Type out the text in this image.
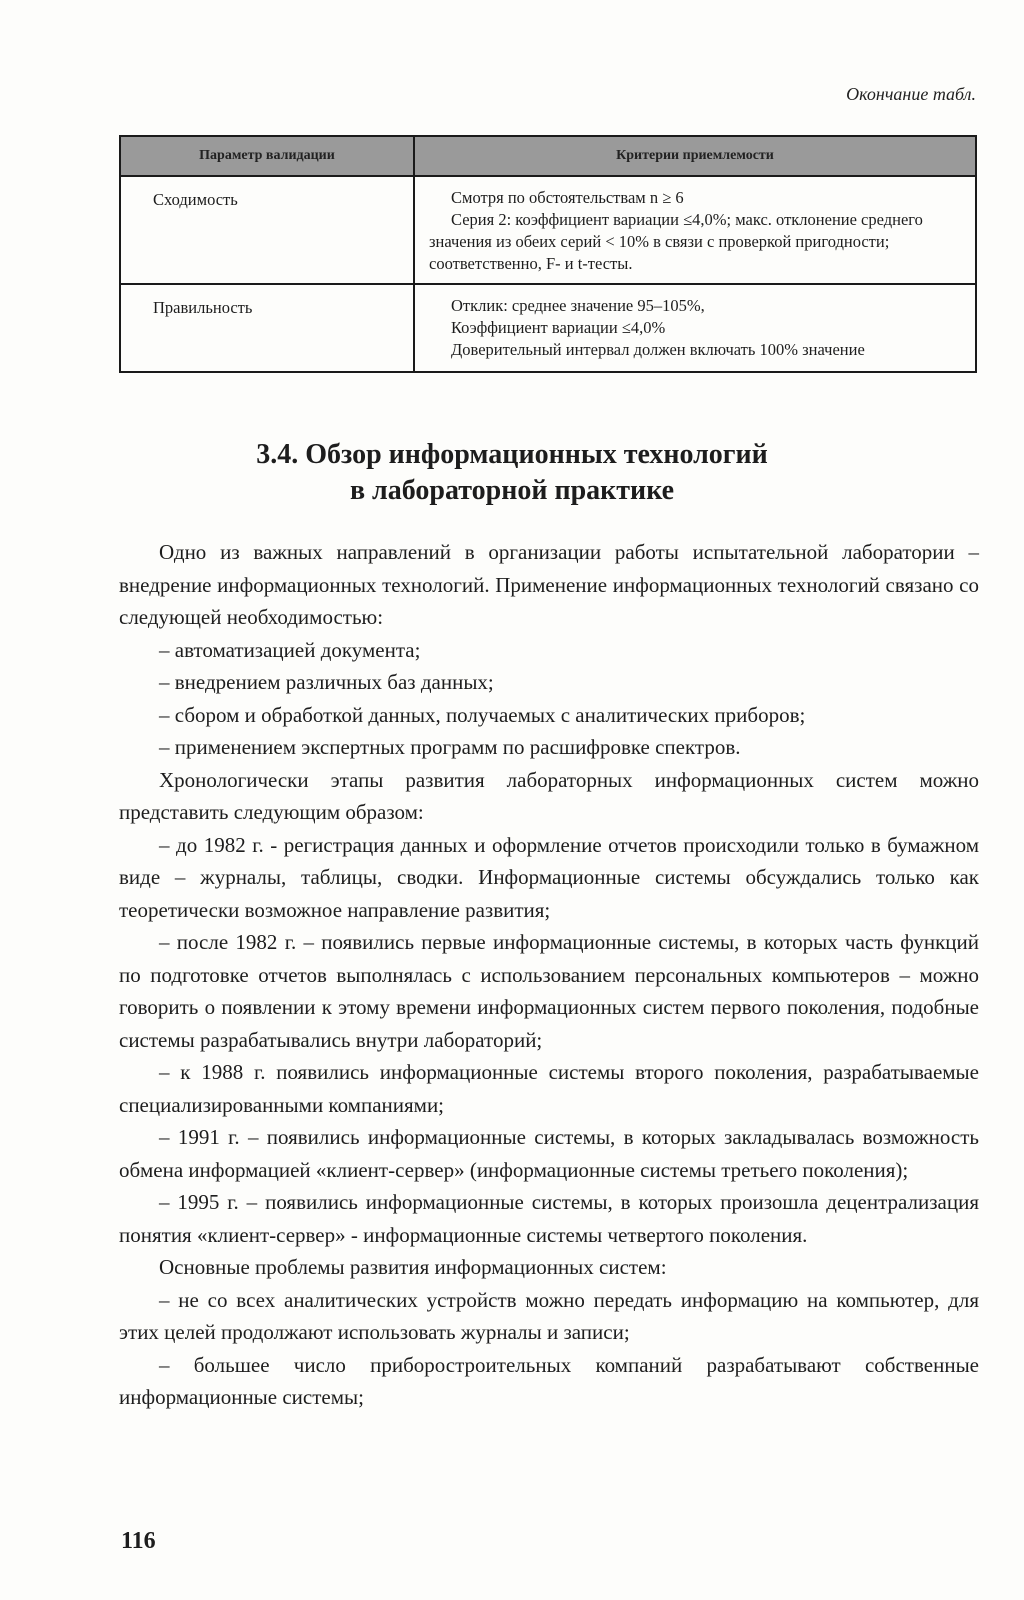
Окончание табл.
Параметр валидации	Критерии приемлемости
Сходимость	Смотря по обстоятельствам n ≥ 6
Серия 2: коэффициент вариации ≤4,0%; макс. отклонение среднего значения из обеих серий < 10% в связи с проверкой пригодности; соответственно, F- и t-тесты.

Правильность	Отклик: среднее значение 95–105%,
Коэффициент вариации ≤4,0%
Доверительный интервал должен включать 100% значение
3.4. Обзор информационных технологий
в лабораторной практике

Одно из важных направлений в организации работы испытательной лаборатории – внедрение информационных технологий. Применение информационных технологий связано со следующей необходимостью:

– автоматизацией документа;

– внедрением различных баз данных;

– сбором и обработкой данных, получаемых с аналитических приборов;

– применением экспертных программ по расшифровке спектров.

Хронологически этапы развития лабораторных информационных систем можно представить следующим образом:

– до 1982 г. - регистрация данных и оформление отчетов происходили только в бумажном виде – журналы, таблицы, сводки. Информационные системы обсуждались только как теоретически возможное направление развития;

– после 1982 г. – появились первые информационные системы, в которых часть функций по подготовке отчетов выполнялась с использованием персональных компьютеров – можно говорить о появлении к этому времени информационных систем первого поколения, подобные системы разрабатывались внутри лабораторий;

– к 1988 г. появились информационные системы второго поколения, разрабатываемые специализированными компаниями;

– 1991 г. – появились информационные системы, в которых закладывалась возможность обмена информацией «клиент-сервер» (информационные системы третьего поколения);

– 1995 г. – появились информационные системы, в которых произошла децентрализация понятия «клиент-сервер» - информационные системы четвертого поколения.

Основные проблемы развития информационных систем:

– не со всех аналитических устройств можно передать информацию на компьютер, для этих целей продолжают использовать журналы и записи;

– большее число приборостроительных компаний разрабатывают собственные информационные системы;

116
